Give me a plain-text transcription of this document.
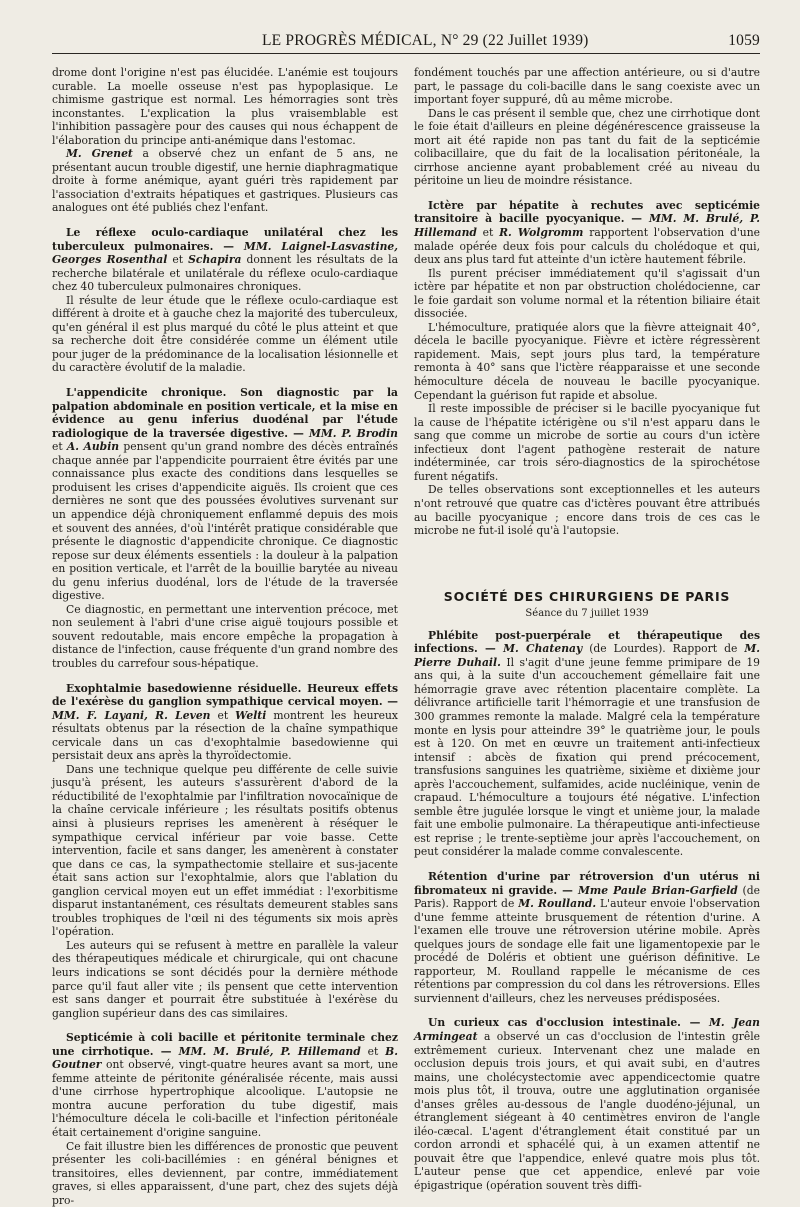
LE PROGRÈS MÉDICAL, N° 29 (22 Juillet 1939)	1059

drome dont l'origine n'est pas élucidée. L'anémie est toujours curable. La moelle osseuse n'est pas hypoplasique. Le chimisme gastrique est normal. Les hémorragies sont très inconstantes. L'explication la plus vraisemblable est l'inhibition passagère pour des causes qui nous échappent de l'élaboration du principe anti-anémique dans l'estomac.

M. Grenet a observé chez un enfant de 5 ans, ne présentant aucun trouble digestif, une hernie diaphragmatique droite à forme anémique, ayant guéri très rapidement par l'association d'extraits hépatiques et gastriques. Plusieurs cas analogues ont été publiés chez l'enfant.

Le réflexe oculo-cardiaque unilatéral chez les tuberculeux pulmonaires. — MM. Laignel-Lasvastine, Georges Rosenthal et Schapira donnent les résultats de la recherche bilatérale et unilatérale du réflexe oculo-cardiaque chez 40 tuberculeux pulmonaires chroniques.

Il résulte de leur étude que le réflexe oculo-cardiaque est différent à droite et à gauche chez la majorité des tuberculeux, qu'en général il est plus marqué du côté le plus atteint et que sa recherche doit être considérée comme un élément utile pour juger de la prédominance de la localisation lésionnelle et du caractère évolutif de la maladie.

L'appendicite chronique. Son diagnostic par la palpation abdominale en position verticale, et la mise en évidence au genu inferius duodénal par l'étude radiologique de la traversée digestive. — MM. P. Brodin et A. Aubin pensent qu'un grand nombre des décès entraînés chaque année par l'appendicite pourraient être évités par une connaissance plus exacte des conditions dans lesquelles se produisent les crises d'appendicite aiguës. Ils croient que ces dernières ne sont que des poussées évolutives survenant sur un appendice déjà chroniquement enflammé depuis des mois et souvent des années, d'où l'intérêt pratique considérable que présente le diagnostic d'appendicite chronique. Ce diagnostic repose sur deux éléments essentiels : la douleur à la palpation en position verticale, et l'arrêt de la bouillie barytée au niveau du genu inferius duodénal, lors de l'étude de la traversée digestive.

Ce diagnostic, en permettant une intervention précoce, met non seulement à l'abri d'une crise aiguë toujours possible et souvent redoutable, mais encore empêche la propagation à distance de l'infection, cause fréquente d'un grand nombre des troubles du carrefour sous-hépatique.

Exophtalmie basedowienne résiduelle. Heureux effets de l'exérèse du ganglion sympathique cervical moyen. — MM. F. Layani, R. Leven et Welti montrent les heureux résultats obtenus par la résection de la chaîne sympathique cervicale dans un cas d'exophtalmie basedowienne qui persistait deux ans après la thyroïdectomie.

Dans une technique quelque peu différente de celle suivie jusqu'à présent, les auteurs s'assurèrent d'abord de la réductibilité de l'exophtalmie par l'infiltration novocaïnique de la chaîne cervicale inférieure ; les résultats positifs obtenus ainsi à plusieurs reprises les amenèrent à réséquer le sympathique cervical inférieur par voie basse. Cette intervention, facile et sans danger, les amenèrent à constater que dans ce cas, la sympathectomie stellaire et sus-jacente était sans action sur l'exophtalmie, alors que l'ablation du ganglion cervical moyen eut un effet immédiat : l'exorbitisme disparut instantanément, ces résultats demeurent stables sans troubles trophiques de l'œil ni des téguments six mois après l'opération.

Les auteurs qui se refusent à mettre en parallèle la valeur des thérapeutiques médicale et chirurgicale, qui ont chacune leurs indications se sont décidés pour la dernière méthode parce qu'il faut aller vite ; ils pensent que cette intervention est sans danger et pourrait être substituée à l'exérèse du ganglion supérieur dans des cas similaires.

Septicémie à coli bacille et péritonite terminale chez une cirrhotique. — MM. M. Brulé, P. Hillemand et B. Goutner ont observé, vingt-quatre heures avant sa mort, une femme atteinte de péritonite généralisée récente, mais aussi d'une cirrhose hypertrophique alcoolique. L'autopsie ne montra aucune perforation du tube digestif, mais l'hémoculture décela le coli-bacille et l'infection péritonéale était certainement d'origine sanguine.

Ce fait illustre bien les différences de pronostic que peuvent présenter les coli-bacillémies : en général bénignes et transitoires, elles deviennent, par contre, immédiatement graves, si elles apparaissent, d'une part, chez des sujets déjà pro-

fondément touchés par une affection antérieure, ou si d'autre part, le passage du coli-bacille dans le sang coexiste avec un important foyer suppuré, dû au même microbe.

Dans le cas présent il semble que, chez une cirrhotique dont le foie était d'ailleurs en pleine dégénérescence graisseuse la mort ait été rapide non pas tant du fait de la septicémie colibacillaire, que du fait de la localisation péritonéale, la cirrhose ancienne ayant probablement créé au niveau du péritoine un lieu de moindre résistance.

Ictère par hépatite à rechutes avec septicémie transitoire à bacille pyocyanique. — MM. M. Brulé, P. Hillemand et R. Wolgromm rapportent l'observation d'une malade opérée deux fois pour calculs du cholédoque et qui, deux ans plus tard fut atteinte d'un ictère hautement fébrile.

Ils purent préciser immédiatement qu'il s'agissait d'un ictère par hépatite et non par obstruction cholédocienne, car le foie gardait son volume normal et la rétention biliaire était dissociée.

L'hémoculture, pratiquée alors que la fièvre atteignait 40°, décela le bacille pyocyanique. Fièvre et ictère régressèrent rapidement. Mais, sept jours plus tard, la température remonta à 40° sans que l'ictère réapparaisse et une seconde hémoculture décela de nouveau le bacille pyocyanique. Cependant la guérison fut rapide et absolue.

Il reste impossible de préciser si le bacille pyocyanique fut la cause de l'hépatite ictérigène ou s'il n'est apparu dans le sang que comme un microbe de sortie au cours d'un ictère infectieux dont l'agent pathogène resterait de nature indéterminée, car trois séro-diagnostics de la spirochétose furent négatifs.

De telles observations sont exceptionnelles et les auteurs n'ont retrouvé que quatre cas d'ictères pouvant être attribués au bacille pyocyanique ; encore dans trois de ces cas le microbe ne fut-il isolé qu'à l'autopsie.

SOCIÉTÉ DES CHIRURGIENS DE PARIS
Séance du 7 juillet 1939

Phlébite post-puerpérale et thérapeutique des infections. — M. Chatenay (de Lourdes). Rapport de M. Pierre Duhail. Il s'agit d'une jeune femme primipare de 19 ans qui, à la suite d'un accouchement gémellaire fait une hémorragie grave avec rétention placentaire complète. La délivrance artificielle tarit l'hémorragie et une transfusion de 300 grammes remonte la malade. Malgré cela la température monte en lysis pour atteindre 39° le quatrième jour, le pouls est à 120. On met en œuvre un traitement anti-infectieux intensif : abcès de fixation qui prend précocement, transfusions sanguines les quatrième, sixième et dixième jour après l'accouchement, sulfamides, acide nucléinique, venin de crapaud. L'hémoculture a toujours été négative. L'infection semble être jugulée lorsque le vingt et unième jour, la malade fait une embolie pulmonaire. La thérapeutique anti-infectieuse est reprise ; le trente-septième jour après l'accouchement, on peut considérer la malade comme convalescente.

Rétention d'urine par rétroversion d'un utérus ni fibromateux ni gravide. — Mme Paule Brian-Garfield (de Paris). Rapport de M. Roulland. L'auteur envoie l'observation d'une femme atteinte brusquement de rétention d'urine. A l'examen elle trouve une rétroversion utérine mobile. Après quelques jours de sondage elle fait une ligamentopexie par le procédé de Doléris et obtient une guérison définitive. Le rapporteur, M. Roulland rappelle le mécanisme de ces rétentions par compression du col dans les rétroversions. Elles surviennent d'ailleurs, chez les nerveuses prédisposées.

Un curieux cas d'occlusion intestinale. — M. Jean Armingeat a observé un cas d'occlusion de l'intestin grêle extrêmement curieux. Intervenant chez une malade en occlusion depuis trois jours, et qui avait subi, en d'autres mains, une cholécystectomie avec appendicectomie quatre mois plus tôt, il trouva, outre une agglutination organisée d'anses grêles au-dessous de l'angle duodéno-jéjunal, un étranglement siégeant à 40 centimètres environ de l'angle iléo-cæcal. L'agent d'étranglement était constitué par un cordon arrondi et sphacélé qui, à un examen attentif ne pouvait être que l'appendice, enlevé quatre mois plus tôt. L'auteur pense que cet appendice, enlevé par voie épigastrique (opération souvent très diffi-
